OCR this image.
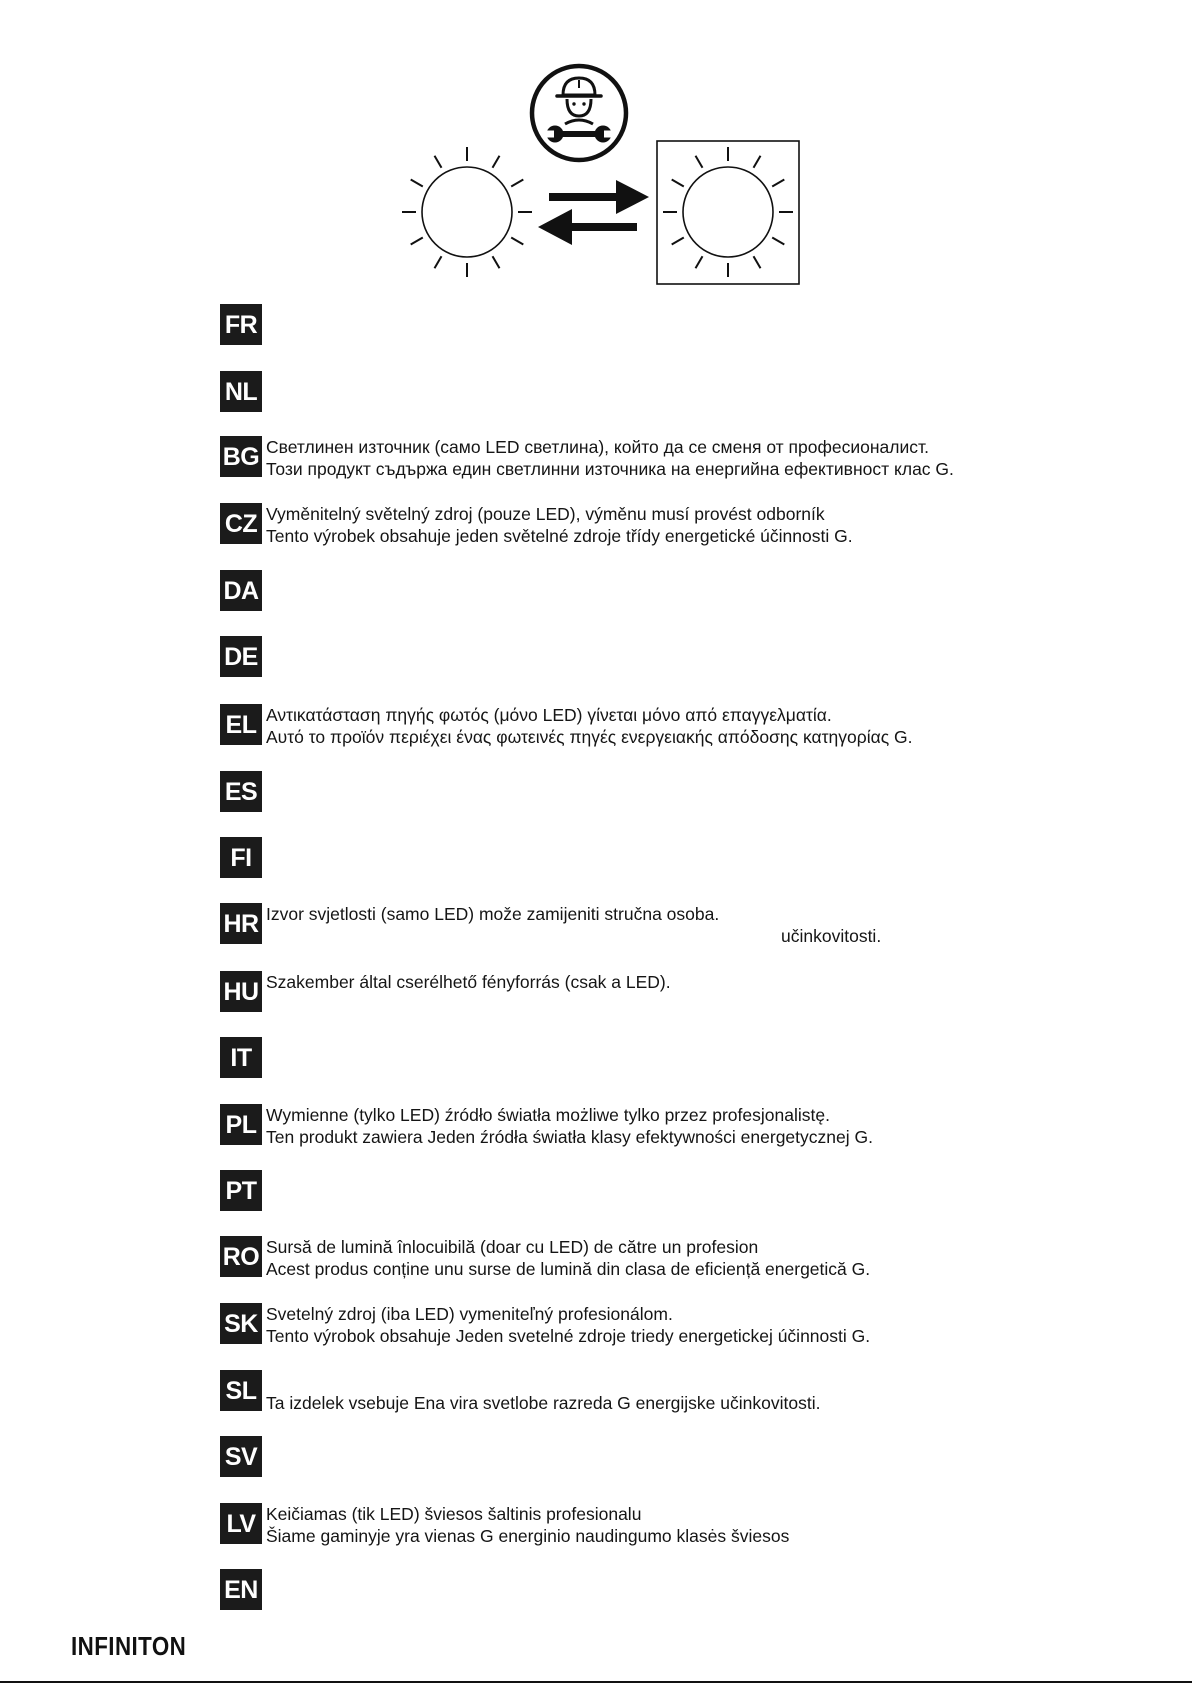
FR
NL
BG Светлинен източник (само LED светлина), който да се сменя от професионалист.
Този продукт съдържа един светлинни източника на енергийна ефективност клас G.
CZ Vyměnitelný světelný zdroj (pouze LED), výměnu musí provést odborník
Tento výrobek obsahuje jeden světelné zdroje třídy energetické účinnosti G.
DA
DE
EL Αντικατάσταση πηγής φωτός (μόνο LED) γίνεται μόνο από επαγγελματία.
Αυτό το προϊόν περιέχει ένας φωτεινές πηγές ενεργειακής απόδοσης κατηγορίας G.
ES
FI
HR Izvor svjetlosti (samo LED) može zamijeniti stručna osoba.
učinkovitosti.
HU Szakember által cserélhető fényforrás (csak a LED).
IT
PL Wymienne (tylko LED) źródło światła możliwe tylko przez profesjonalistę.
Ten produkt zawiera Jeden źródła światła klasy efektywności energetycznej G.
PT
RO Sursă de lumină înlocuibilă (doar cu LED) de către un profesion
Acest produs conține unu surse de lumină din clasa de eficiență energetică G.
SK Svetelný zdroj (iba LED) vymeniteľný profesionálom.
Tento výrobok obsahuje Jeden svetelné zdroje triedy energetickej účinnosti G.
SL Ta izdelek vsebuje Ena vira svetlobe razreda G energijske učinkovitosti.
SV
LV Keičiamas (tik LED) šviesos šaltinis profesionalu
Šiame gaminyje yra vienas G energinio naudingumo klasės šviesos
EN
INFINITON
